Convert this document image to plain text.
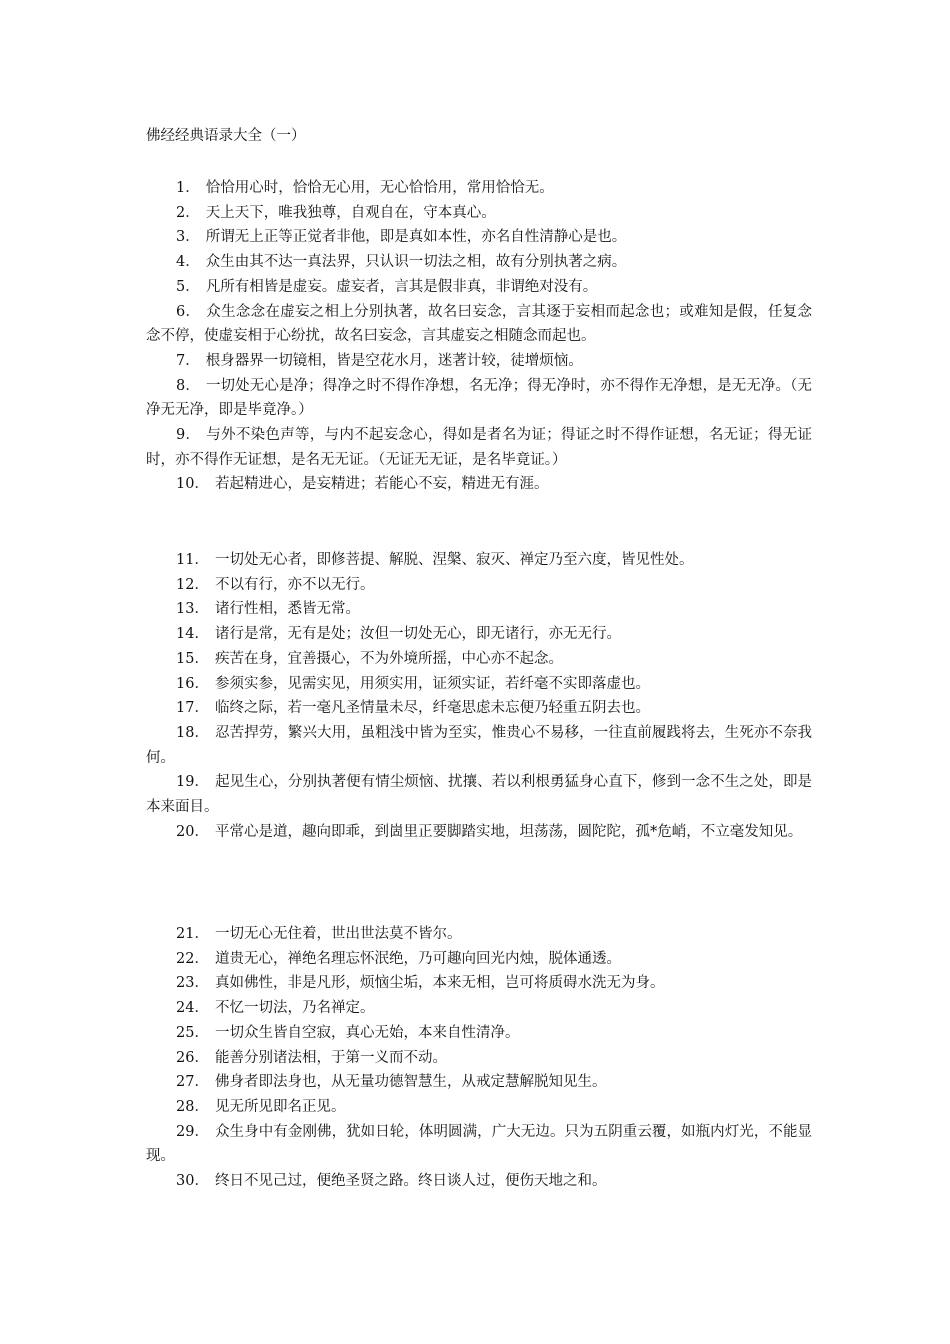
佛经经典语录大全（一）

1． 恰恰用心时，恰恰无心用，无心恰恰用，常用恰恰无。

2． 天上天下，唯我独尊，自观自在，守本真心。

3． 所谓无上正等正觉者非他，即是真如本性，亦名自性清静心是也。

4． 众生由其不达一真法界，只认识一切法之相，故有分别执著之病。

5． 凡所有相皆是虚妄。虚妄者，言其是假非真，非谓绝对没有。

6． 众生念念在虚妄之相上分别执著，故名曰妄念，言其逐于妄相而起念也；或难知是假，任复念念不停，使虚妄相于心纷扰，故名曰妄念，言其虚妄之相随念而起也。

7． 根身器界一切镜相，皆是空花水月，迷著计较，徒增烦恼。

8． 一切处无心是净；得净之时不得作净想，名无净；得无净时，亦不得作无净想，是无无净。（无净无无净，即是毕竟净。）

9． 与外不染色声等，与内不起妄念心，得如是者名为证；得证之时不得作证想，名无证；得无证时，亦不得作无证想，是名无无证。（无证无无证，是名毕竟证。）

10． 若起精进心，是妄精进；若能心不妄，精进无有涯。

11． 一切处无心者，即修菩提、解脱、涅槃、寂灭、禅定乃至六度，皆见性处。

12． 不以有行，亦不以无行。

13． 诸行性相，悉皆无常。

14． 诸行是常，无有是处；汝但一切处无心，即无诸行，亦无无行。

15． 疾苦在身，宜善摄心，不为外境所摇，中心亦不起念。

16． 参须实参，见需实见，用须实用，证须实证，若纤毫不实即落虚也。

17． 临终之际，若一毫凡圣情量未尽，纤毫思虑未忘便乃轻重五阴去也。

18． 忍苦捍劳，繁兴大用，虽粗浅中皆为至实，惟贵心不易移，一往直前履践将去，生死亦不奈我何。

19． 起见生心，分别执著便有情尘烦恼、扰攘、若以利根勇猛身心直下，修到一念不生之处，即是本来面目。

20． 平常心是道，趣向即乖，到崮里正要脚踏实地，坦荡荡，圆陀陀，孤*危峭，不立毫发知见。

21． 一切无心无住着，世出世法莫不皆尔。

22． 道贵无心，禅绝名理忘怀泯绝，乃可趣向回光内烛，脱体通透。

23． 真如佛性，非是凡形，烦恼尘垢，本来无相，岂可将质碍水洗无为身。

24． 不忆一切法，乃名禅定。

25． 一切众生皆自空寂，真心无始，本来自性清净。

26． 能善分别诸法相，于第一义而不动。

27． 佛身者即法身也，从无量功德智慧生，从戒定慧解脱知见生。

28． 见无所见即名正见。

29． 众生身中有金刚佛，犹如日轮，体明圆满，广大无边。只为五阴重云覆，如瓶内灯光，不能显现。

30． 终日不见己过，便绝圣贤之路。终日谈人过，便伤天地之和。
